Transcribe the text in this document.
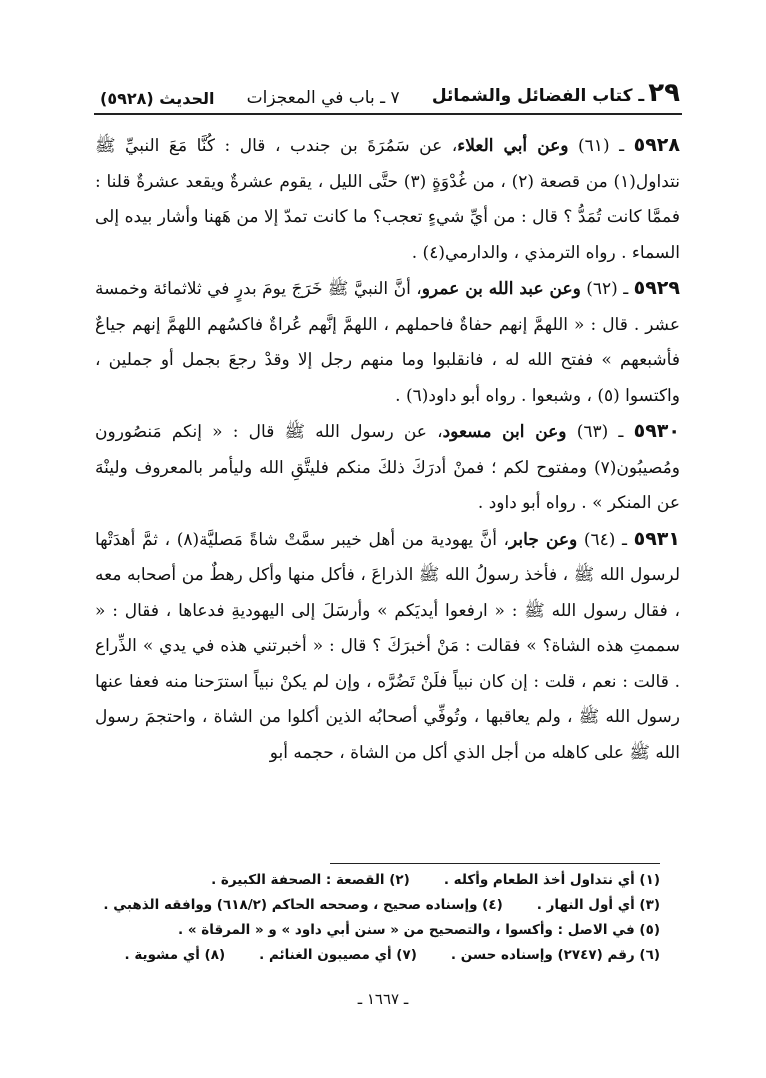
٢٩ـ كتاب الفضائل والشمائل
٧ ـ باب في المعجزات
الحديث (٥٩٢٨)

٥٩٢٨ ـ (٦١) وعن أبي العلاء، عن سَمُرَةَ بن جندب ، قال : كُنَّا مَعَ النبيِّ ﷺ نتداول(١) من قصعة (٢) ، من غُدْوَةٍ (٣) حتَّى الليل ، يقوم عشرةٌ ويقعد عشرةٌ قلنا : فممَّا كانت تُمَدُّ ؟ قال : من أيِّ شيءٍ تعجب؟ ما كانت تمدّ إلا من هَهنا وأشار بيده إلى السماء . رواه الترمذي ، والدارمي(٤) .

٥٩٢٩ ـ (٦٢) وعن عبد الله بن عمرو، أنَّ النبيَّ ﷺ خَرَجَ يومَ بدرٍ في ثلاثمائة وخمسة عشر . قال : « اللهمَّ إنهم حفاةٌ فاحملهم ، اللهمَّ إنَّهم عُراةٌ فاكسُهم اللهمَّ إنهم جياعٌ فأشبعهم » ففتح الله له ، فانقلبوا وما منهم رجل إلا وقدْ رجعَ بجمل أو جملين ، واكتسوا (٥) ، وشبعوا . رواه أبو داود(٦) .

٥٩٣٠ ـ (٦٣) وعن ابن مسعود، عن رسول الله ﷺ قال : « إنكم مَنصُورون ومُصيبُون(٧) ومفتوح لكم ؛ فمنْ أدرَكَ ذلكَ منكم فليتَّقِ الله وليأمر بالمعروف ولينْهَ عن المنكر » . رواه أبو داود .

٥٩٣١ ـ (٦٤) وعن جابر، أنَّ يهودية من أهل خيبر سمَّتْ شاةً مَصليَّة(٨) ، ثمَّ أهدَتْها لرسول الله ﷺ ، فأخذ رسولُ الله ﷺ الذراعَ ، فأكل منها وأكل رهطٌ من أصحابه معه ، فقال رسول الله ﷺ : « ارفعوا أيديَكم » وأرسَلَ إلى اليهوديةِ فدعاها ، فقال : « سممتِ هذه الشاة؟ » فقالت : مَنْ أخبرَكَ ؟ قال : « أخبرتني هذه في يدي » الذِّراع . قالت : نعم ، قلت : إن كان نبياً فلَنْ تَضُرَّه ، وإن لم يكنْ نبياً استرَحنا منه فعفا عنها رسول الله ﷺ ، ولم يعاقبها ، وتُوفِّي أصحابُه الذين أكلوا من الشاة ، واحتجمَ رسول الله ﷺ على كاهله من أجل الذي أكل من الشاة ، حجمه أبو

(١) أي نتداول أخذ الطعام وأكله .
(٢) القصعة : الصحفة الكبيرة .
(٣) أي أول النهار .
(٤) وإسناده صحيح ، وصححه الحاكم (٦١٨/٢) ووافقه الذهبي .
(٥) في الاصل : وأكسوا ، والتصحيح من « سنن أبي داود » و « المرقاة » .
(٦) رقم (٢٧٤٧) وإسناده حسن .
(٧) أي مصيبون الغنائم .
(٨) أي مشوية .
ـ ١٦٦٧ ـ
